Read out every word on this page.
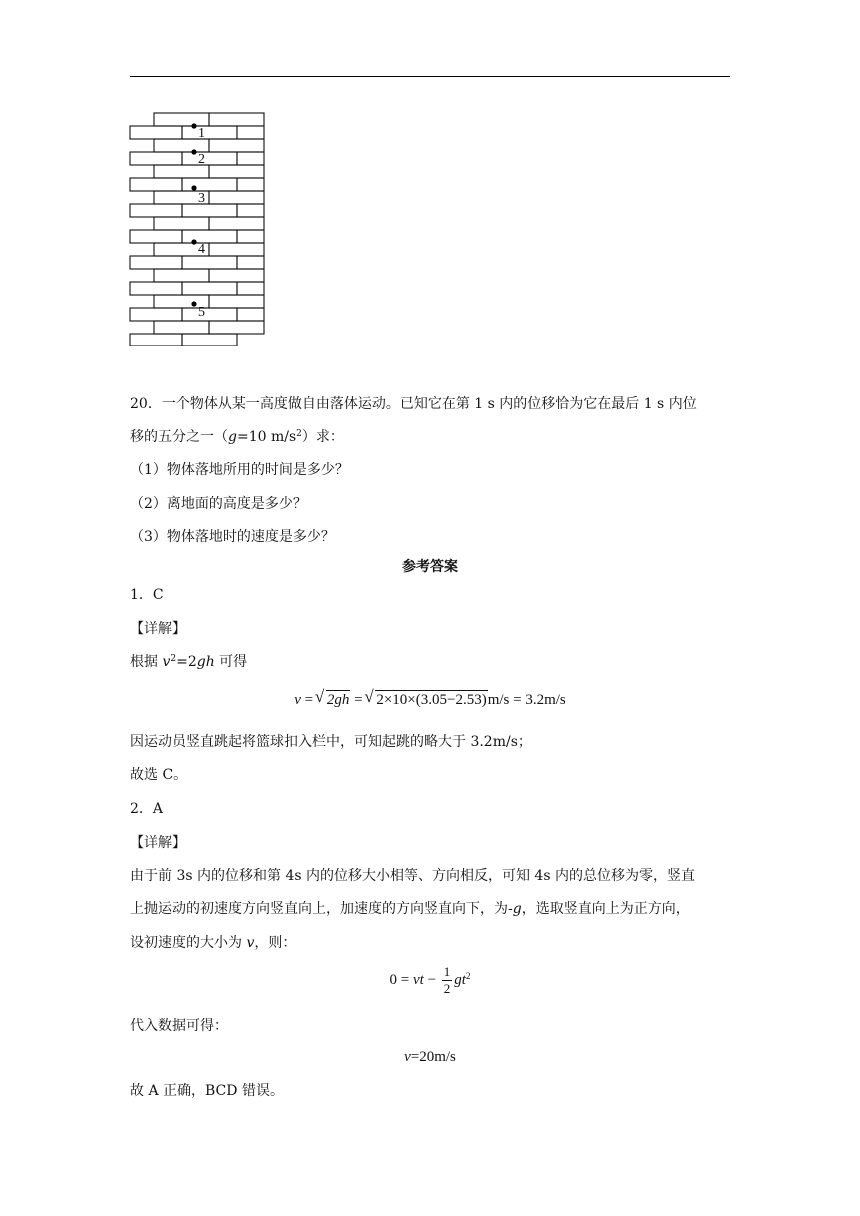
1
2
3
4
5
20．一个物体从某一高度做自由落体运动。已知它在第 1 s 内的位移恰为它在最后 1 s 内位
移的五分之一（g=10 $m/s^2$）求：
（1）物体落地所用的时间是多少？
（2）离地面的高度是多少？
（3）物体落地时的速度是多少？
参考答案
1．C
【详解】
根据 $v^2=2gh$ 可得
v = √ 2gh = √ 2×10×(3.05−2.53)m/s = 3.2m/s
因运动员竖直跳起将篮球扣入栏中，可知起跳的略大于 3.2m/s；
故选 C。
2．A
【详解】
由于前 3s 内的位移和第 4s 内的位移大小相等、方向相反，可知 4s 内的总位移为零，竖直
上抛运动的初速度方向竖直向上，加速度的方向竖直向下，为-g，选取竖直向上为正方向，
设初速度的大小为 v，则：
0 = vt − $\frac{1}{2} gt^2$
代入数据可得：
v=20m/s
故 A 正确，BCD 错误。
